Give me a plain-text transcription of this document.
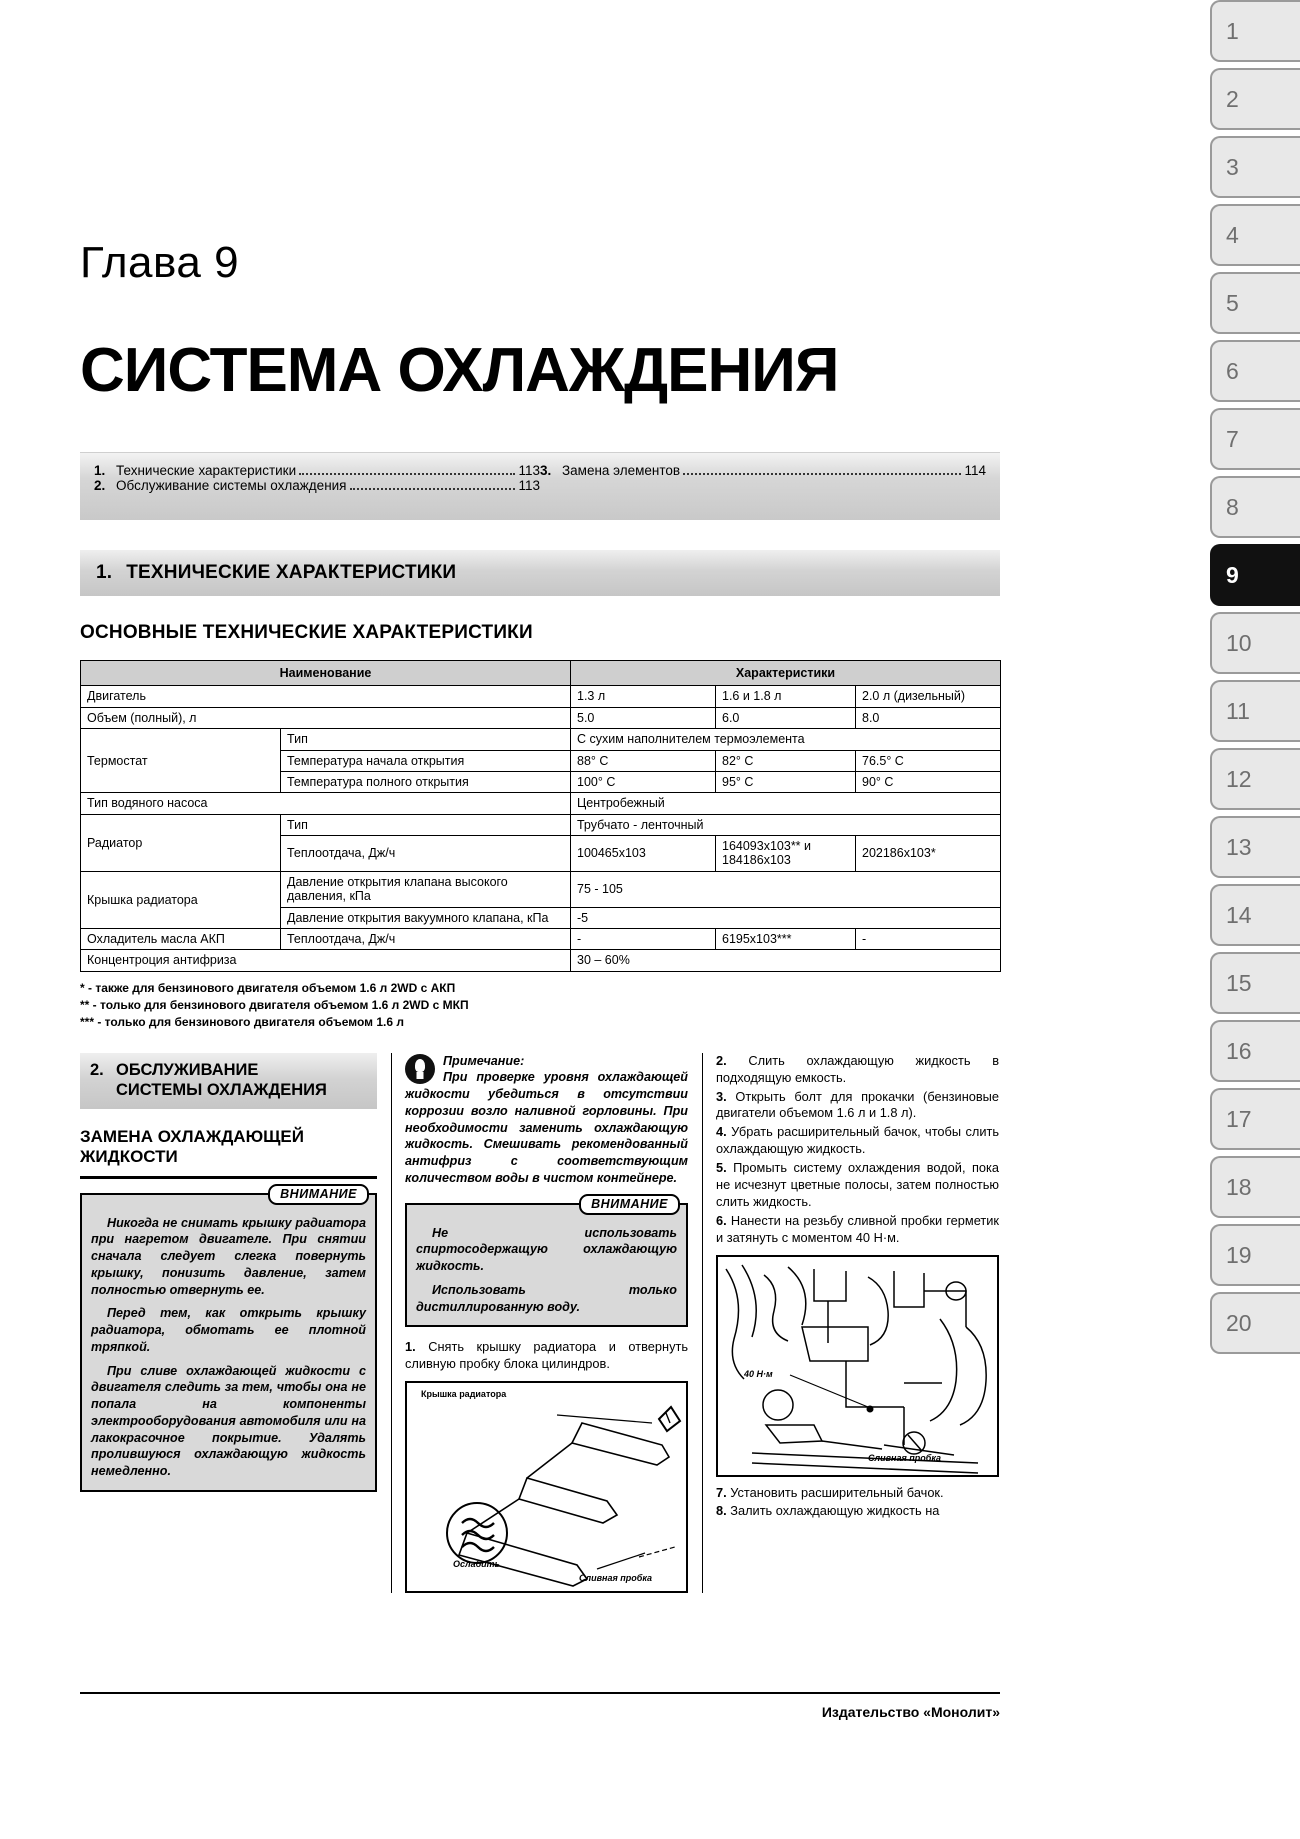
1
2
3
4
5
6
7
8
9
10
11
12
13
14
15
16
17
18
19
20
Глава 9
СИСТЕМА ОХЛАЖДЕНИЯ
1. Технические характеристики	113
2. Обслуживание системы охлаждения	113
3. Замена элементов	114
1. ТЕХНИЧЕСКИЕ ХАРАКТЕРИСТИКИ
ОСНОВНЫЕ ТЕХНИЧЕСКИЕ ХАРАКТЕРИСТИКИ
Наименование		Характеристики		
Двигатель		1.3 л	1.6 и 1.8 л	2.0 л (дизельный)
Объем (полный), л		5.0	6.0	8.0
Термостат	Тип	С сухим наполнителем термоэлемента		
	Температура начала открытия	88° С	82° С	76.5° С
	Температура полного открытия	100° С	95° С	90° С
Тип водяного насоса		Центробежный		
Радиатор	Тип	Трубчато - ленточный		
	Теплоотдача, Дж/ч	100465х103	164093х103** и 184186х103	202186х103*
Крышка радиатора	Давление открытия клапана высокого давления, кПа	75 - 105		
	Давление открытия вакуумного клапана, кПа	-5		
Охладитель масла АКП	Теплоотдача, Дж/ч	-	6195х103***	-
Концентроция антифриза		30 – 60%		
* - также для бензинового двигателя объемом 1.6 л 2WD с АКП
** - только для бензинового двигателя объемом 1.6 л 2WD с МКП
*** - только для бензинового двигателя объемом 1.6 л
2. ОБСЛУЖИВАНИЕ
СИСТЕМЫ ОХЛАЖДЕНИЯ
ЗАМЕНА ОХЛАЖДАЮЩЕЙ
ЖИДКОСТИ
ВНИМАНИЕ

Никогда не снимать крышку радиатора при нагретом двигателе. При снятии сначала следует слегка повернуть крышку, понизить давление, затем полностью отвернуть ее.

Перед тем, как открыть крышку радиатора, обмотать ее плотной тряпкой.

При сливе охлаждающей жидкости с двигателя следить за тем, чтобы она не попала на компоненты электрооборудования автомобиля или на лакокрасочное покрытие. Удалять пролившуюся охлаждающую жидкость немедленно.

Примечание:

При проверке уровня охлаждающей жидкости убедиться в отсутствии коррозии возло наливной горловины. При необходимости заменить охлаждающую жидкость. Смешивать рекомендованный антифриз с соответствующим количеством воды в чистом контейнере.

ВНИМАНИЕ

Не использовать спиртосодержащую охлаждающую жидкость.

Использовать только дистиллированную воду.

1. Снять крышку радиатора и отвернуть сливную пробку блока цилиндров.

Крышка радиатора
Ослабить
Сливная пробка

2. Слить охлаждающую жидкость в подходящую емкость.

3. Открыть болт для прокачки (бензиновые двигатели объемом 1.6 л и 1.8 л).

4. Убрать расширительный бачок, чтобы слить охлаждающую жидкость.

5. Промыть систему охлаждения водой, пока не исчезнут цветные полосы, затем полностью слить жидкость.

6. Нанести на резьбу сливной пробки герметик и затянуть с моментом 40 Н·м.

40 Н·м
Сливная пробка

7. Установить расширительный бачок.

8. Залить охлаждающую жидкость на

Издательство «Монолит»
